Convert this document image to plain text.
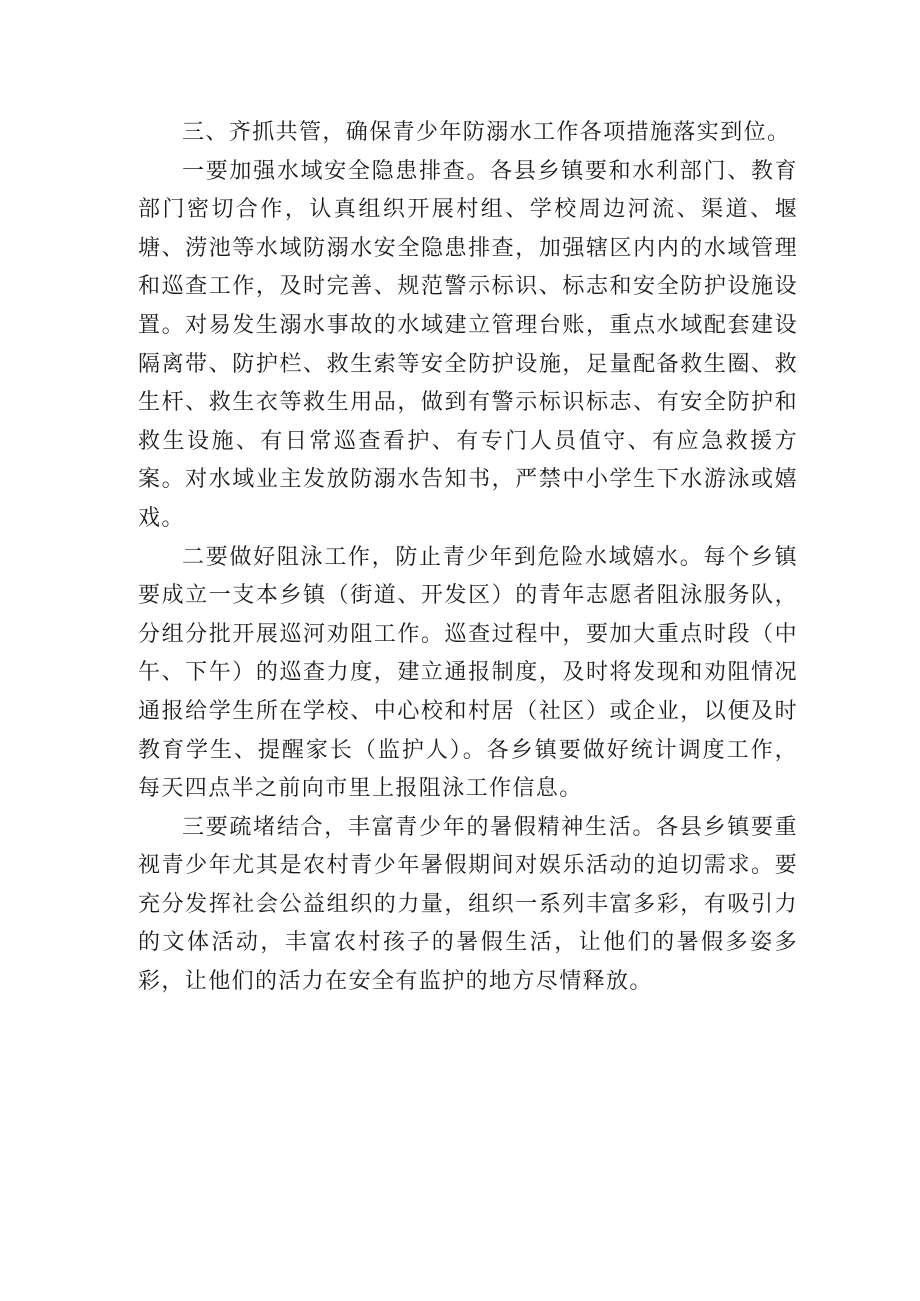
三、齐抓共管，确保青少年防溺水工作各项措施落实到位。

一要加强水域安全隐患排查。各县乡镇要和水利部门、教育部门密切合作，认真组织开展村组、学校周边河流、渠道、堰塘、涝池等水域防溺水安全隐患排查，加强辖区内内的水域管理和巡查工作，及时完善、规范警示标识、标志和安全防护设施设置。对易发生溺水事故的水域建立管理台账，重点水域配套建设隔离带、防护栏、救生索等安全防护设施，足量配备救生圈、救生杆、救生衣等救生用品，做到有警示标识标志、有安全防护和救生设施、有日常巡查看护、有专门人员值守、有应急救援方案。对水域业主发放防溺水告知书，严禁中小学生下水游泳或嬉戏。

二要做好阻泳工作，防止青少年到危险水域嬉水。每个乡镇要成立一支本乡镇（街道、开发区）的青年志愿者阻泳服务队，分组分批开展巡河劝阻工作。巡查过程中，要加大重点时段（中午、下午）的巡查力度，建立通报制度，及时将发现和劝阻情况通报给学生所在学校、中心校和村居（社区）或企业，以便及时教育学生、提醒家长（监护人）。各乡镇要做好统计调度工作，每天四点半之前向市里上报阻泳工作信息。

三要疏堵结合，丰富青少年的暑假精神生活。各县乡镇要重视青少年尤其是农村青少年暑假期间对娱乐活动的迫切需求。要充分发挥社会公益组织的力量，组织一系列丰富多彩，有吸引力的文体活动，丰富农村孩子的暑假生活，让他们的暑假多姿多彩，让他们的活力在安全有监护的地方尽情释放。
